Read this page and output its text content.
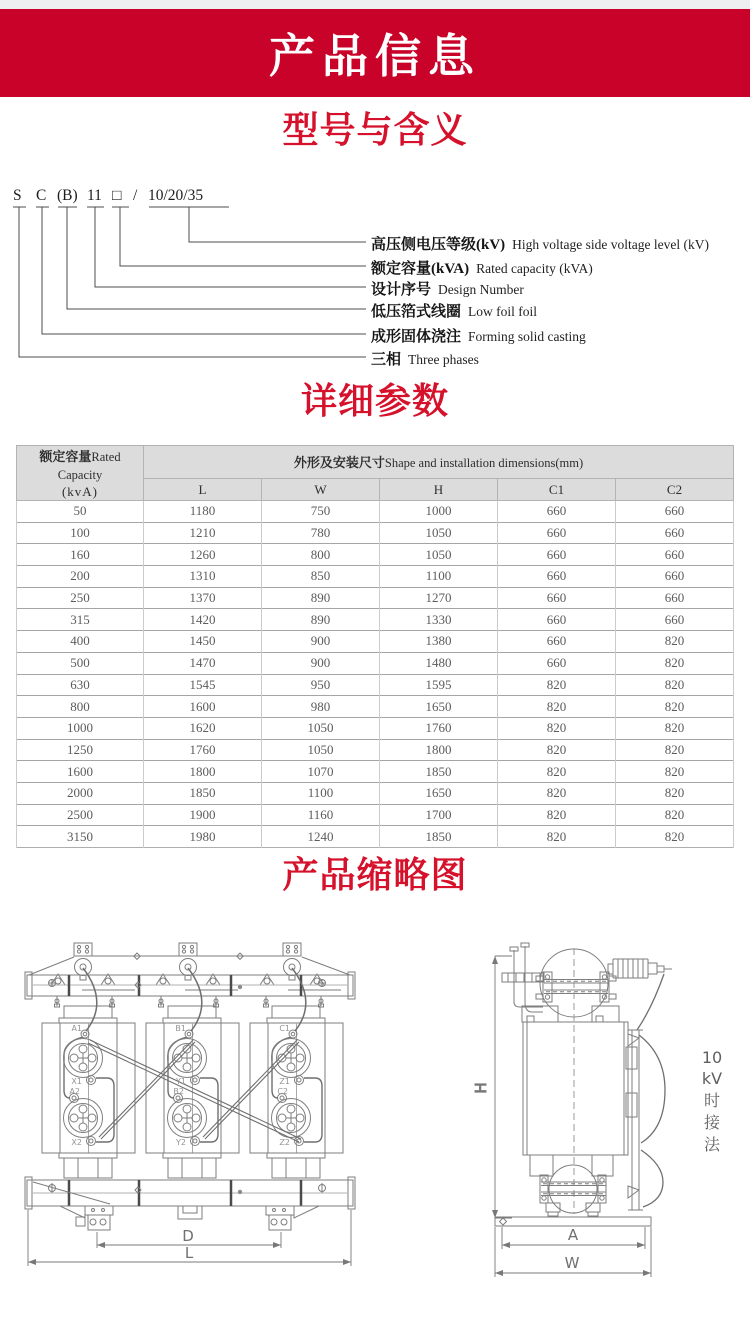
产品信息
型号与含义
详细参数
产品缩略图
S C (B) 11 □ / 10/20/35
高压侧电压等级(kV) High voltage side voltage level (kV)
额定容量(kVA) Rated capacity (kVA)
设计序号 Design Number
低压箔式线圈 Low foil foil
成形固体浇注 Forming solid casting
三相 Three phases
额定容量Rated Capacity
(kvA)	外形及安装尺寸Shape and installation dimensions(mm)				
	L	W	H	C1	C2
50	1180	750	1000	660	660
100	1210	780	1050	660	660
160	1260	800	1050	660	660
200	1310	850	1100	660	660
250	1370	890	1270	660	660
315	1420	890	1330	660	660
400	1450	900	1380	660	820
500	1470	900	1480	660	820
630	1545	950	1595	820	820
800	1600	980	1650	820	820
1000	1620	1050	1760	820	820
1250	1760	1050	1800	820	820
1600	1800	1070	1850	820	820
2000	1850	1100	1650	820	820
2500	1900	1160	1700	820	820
3150	1980	1240	1850	820	820
D
L
A1
X1
A2
X2
B1
Y1
B2
Y2
C1
Z1
C2
Z2
H
A
W
10
kV
时
接
法
